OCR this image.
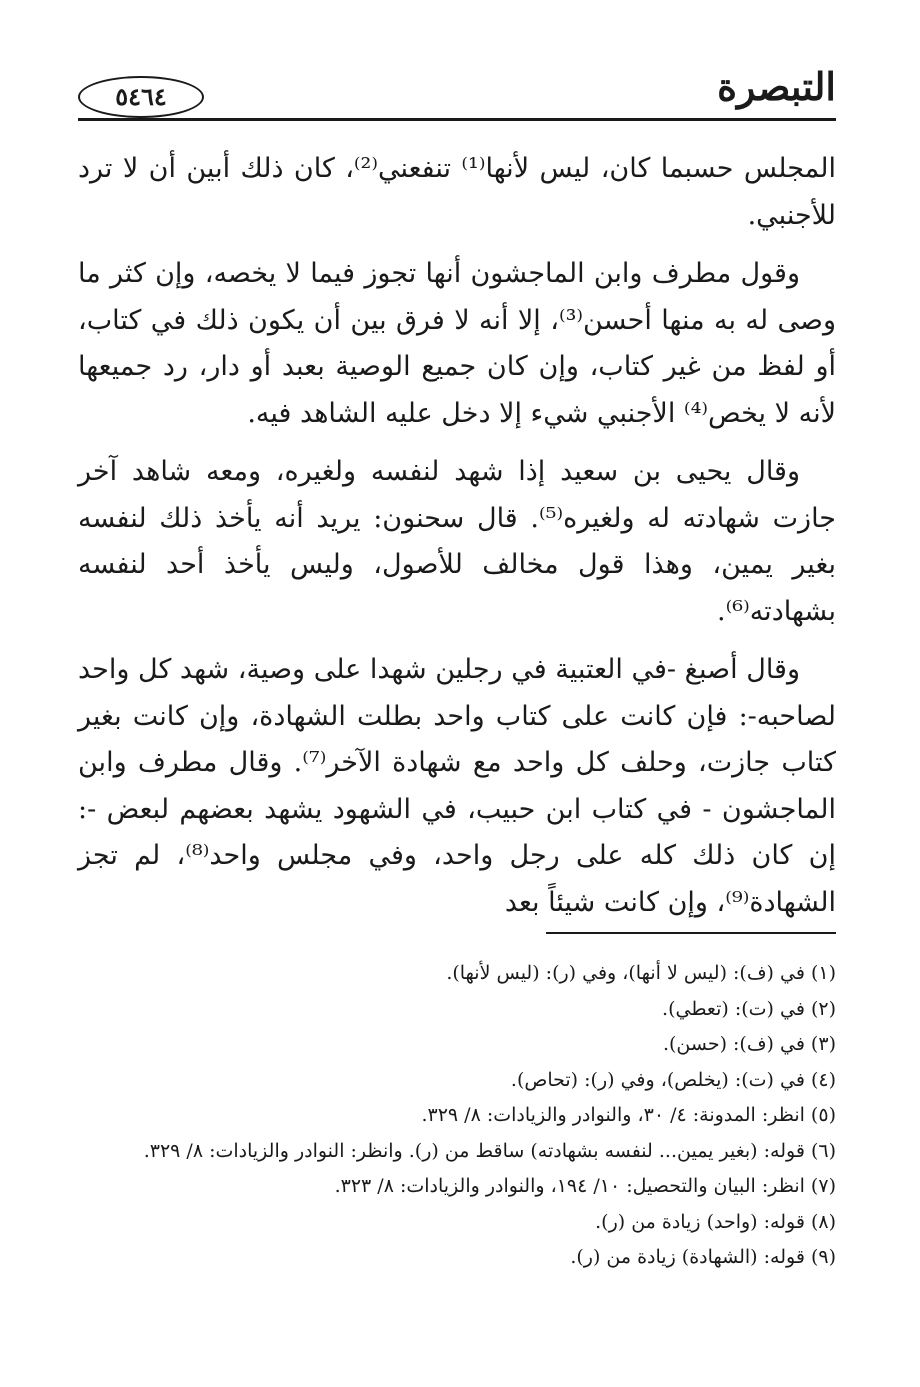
التبصرة
٥٤٦٤

المجلس حسبما كان، ليس لأنها⁽¹⁾ تنفعني⁽²⁾، كان ذلك أبين أن لا ترد للأجنبي.

وقول مطرف وابن الماجشون أنها تجوز فيما لا يخصه، وإن كثر ما وصى له به منها أحسن⁽³⁾، إلا أنه لا فرق بين أن يكون ذلك في كتاب، أو لفظ من غير كتاب، وإن كان جميع الوصية بعبد أو دار، رد جميعها لأنه لا يخص⁽⁴⁾ الأجنبي شيء إلا دخل عليه الشاهد فيه.

وقال يحيى بن سعيد إذا شهد لنفسه ولغيره، ومعه شاهد آخر جازت شهادته له ولغيره⁽⁵⁾. قال سحنون: يريد أنه يأخذ ذلك لنفسه بغير يمين، وهذا قول مخالف للأصول، وليس يأخذ أحد لنفسه بشهادته⁽⁶⁾.

وقال أصبغ -في العتبية في رجلين شهدا على وصية، شهد كل واحد لصاحبه-: فإن كانت على كتاب واحد بطلت الشهادة، وإن كانت بغير كتاب جازت، وحلف كل واحد مع شهادة الآخر⁽⁷⁾. وقال مطرف وابن الماجشون - في كتاب ابن حبيب، في الشهود يشهد بعضهم لبعض -: إن كان ذلك كله على رجل واحد، وفي مجلس واحد⁽⁸⁾، لم تجز الشهادة⁽⁹⁾، وإن كانت شيئاً بعد

(١) في (ف): (ليس لا أنها)، وفي (ر): (ليس لأنها).
(٢) في (ت): (تعطي).
(٣) في (ف): (حسن).
(٤) في (ت): (يخلص)، وفي (ر): (تحاص).
(٥) انظر: المدونة: ٤/ ٣٠، والنوادر والزيادات: ٨/ ٣٢٩.
(٦) قوله: (بغير يمين... لنفسه بشهادته) ساقط من (ر). وانظر: النوادر والزيادات: ٨/ ٣٢٩.
(٧) انظر: البيان والتحصيل: ١٠/ ١٩٤، والنوادر والزيادات: ٨/ ٣٢٣.
(٨) قوله: (واحد) زيادة من (ر).
(٩) قوله: (الشهادة) زيادة من (ر).
